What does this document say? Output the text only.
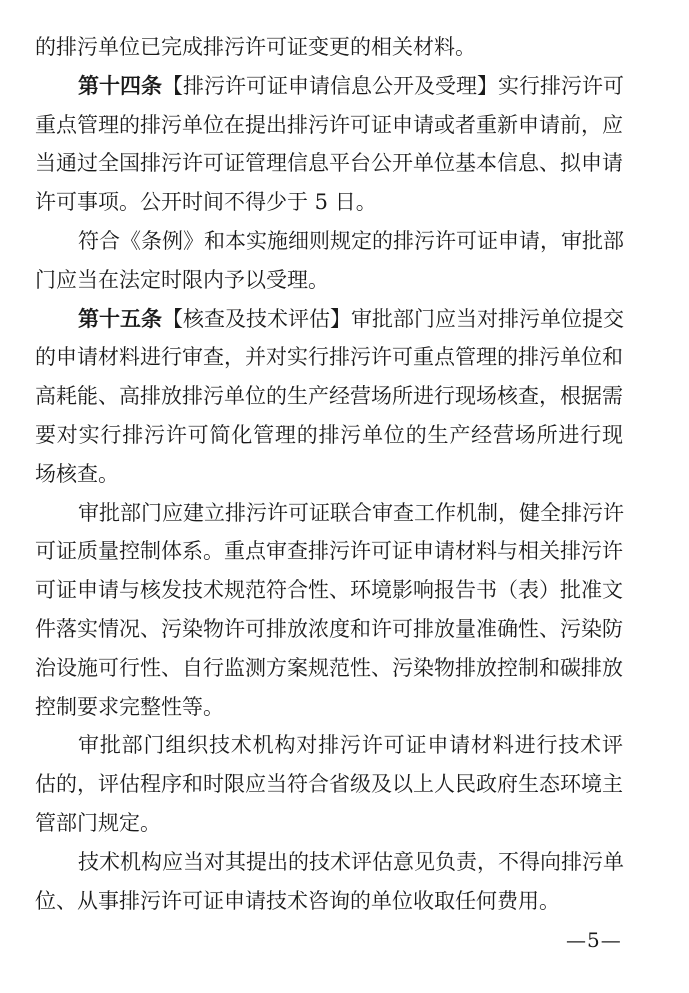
的排污单位已完成排污许可证变更的相关材料。
第十四条【排污许可证申请信息公开及受理】实行排污许可
重点管理的排污单位在提出排污许可证申请或者重新申请前，应
当通过全国排污许可证管理信息平台公开单位基本信息、拟申请
许可事项。公开时间不得少于 5 日。
符合《条例》和本实施细则规定的排污许可证申请，审批部
门应当在法定时限内予以受理。
第十五条【核查及技术评估】审批部门应当对排污单位提交
的申请材料进行审查，并对实行排污许可重点管理的排污单位和
高耗能、高排放排污单位的生产经营场所进行现场核查，根据需
要对实行排污许可简化管理的排污单位的生产经营场所进行现
场核查。
审批部门应建立排污许可证联合审查工作机制，健全排污许
可证质量控制体系。重点审查排污许可证申请材料与相关排污许
可证申请与核发技术规范符合性、环境影响报告书（表）批准文
件落实情况、污染物许可排放浓度和许可排放量准确性、污染防
治设施可行性、自行监测方案规范性、污染物排放控制和碳排放
控制要求完整性等。
审批部门组织技术机构对排污许可证申请材料进行技术评
估的，评估程序和时限应当符合省级及以上人民政府生态环境主
管部门规定。
技术机构应当对其提出的技术评估意见负责，不得向排污单
位、从事排污许可证申请技术咨询的单位收取任何费用。
—5—
